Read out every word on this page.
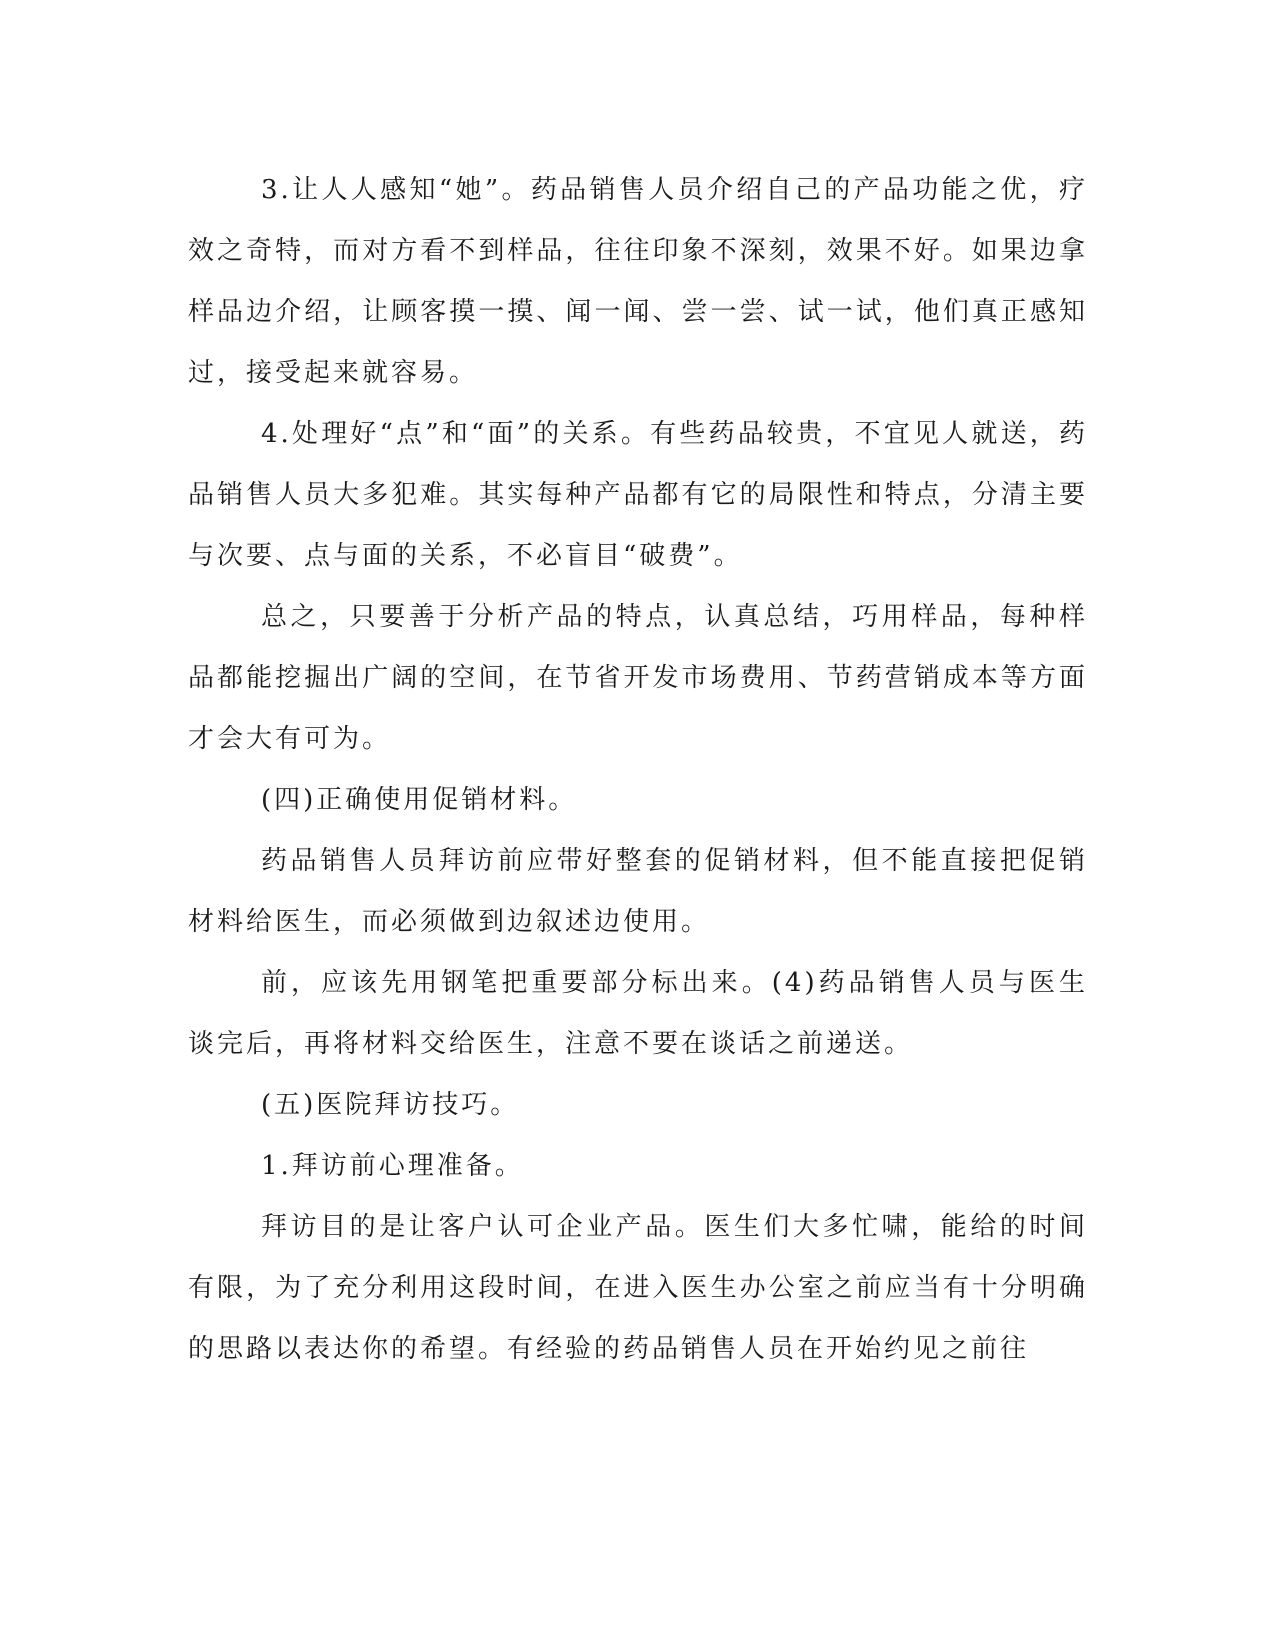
3.让人人感知“她”。药品销售人员介绍自己的产品功能之优，疗效之奇特，而对方看不到样品，往往印象不深刻，效果不好。如果边拿样品边介绍，让顾客摸一摸、闻一闻、尝一尝、试一试，他们真正感知过，接受起来就容易。

4.处理好“点”和“面”的关系。有些药品较贵，不宜见人就送，药品销售人员大多犯难。其实每种产品都有它的局限性和特点，分清主要与次要、点与面的关系，不必盲目“破费”。

总之，只要善于分析产品的特点，认真总结，巧用样品，每种样品都能挖掘出广阔的空间，在节省开发市场费用、节药营销成本等方面才会大有可为。

(四)正确使用促销材料。

药品销售人员拜访前应带好整套的促销材料，但不能直接把促销材料给医生，而必须做到边叙述边使用。

前，应该先用钢笔把重要部分标出来。(4)药品销售人员与医生谈完后，再将材料交给医生，注意不要在谈话之前递送。

(五)医院拜访技巧。

1.拜访前心理准备。

拜访目的是让客户认可企业产品。医生们大多忙啸，能给的时间有限，为了充分利用这段时间，在进入医生办公室之前应当有十分明确的思路以表达你的希望。有经验的药品销售人员在开始约见之前往
